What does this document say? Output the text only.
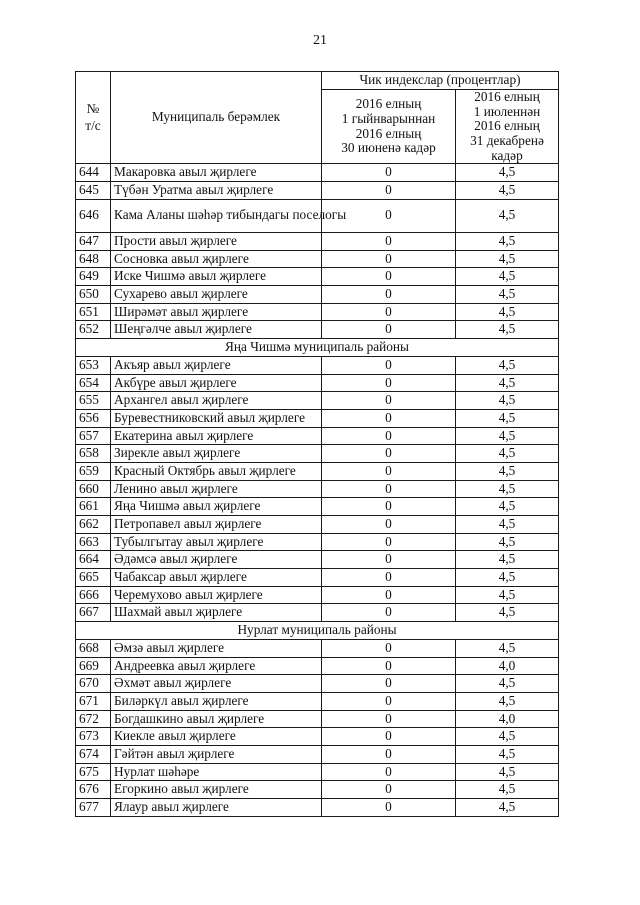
21
№ т/с	Муниципаль берәмлек	Чик индекслар (процентлар)	

		2016 елның
1 гыйнварыннан
2016 елның
30 июненә кадәр	2016 елның
1 июленнән
2016 елның
31 декабренә
кадәр

644	Макаровка авыл җирлеге	0	4,5
645	Түбән Уратма авыл җирлеге	0	4,5
646	Кама Аланы шәһәр тибындагы поселогы	0	4,5
647	Прости авыл җирлеге	0	4,5
648	Сосновка авыл җирлеге	0	4,5
649	Иске Чишмә авыл җирлеге	0	4,5
650	Сухарево авыл җирлеге	0	4,5
651	Ширәмәт авыл җирлеге	0	4,5
652	Шеңгәлче авыл җирлеге	0	4,5
Яңа Чишмә муниципаль районы			
653	Акъяр авыл җирлеге	0	4,5
654	Акбүре авыл җирлеге	0	4,5
655	Архангел авыл җирлеге	0	4,5
656	Буревестниковский авыл җирлеге	0	4,5
657	Екатерина авыл җирлеге	0	4,5
658	Зирекле авыл җирлеге	0	4,5
659	Красный Октябрь авыл җирлеге	0	4,5
660	Ленино авыл җирлеге	0	4,5
661	Яңа Чишмә авыл җирлеге	0	4,5
662	Петропавел авыл җирлеге	0	4,5
663	Тубылгытау авыл җирлеге	0	4,5
664	Әдәмсә авыл җирлеге	0	4,5
665	Чабаксар авыл җирлеге	0	4,5
666	Черемухово авыл җирлеге	0	4,5
667	Шахмай авыл җирлеге	0	4,5
Нурлат муниципаль районы			
668	Әмзә авыл җирлеге	0	4,5
669	Андреевка авыл җирлеге	0	4,0
670	Әхмәт авыл җирлеге	0	4,5
671	Биләркүл авыл җирлеге	0	4,5
672	Богдашкино авыл җирлеге	0	4,0
673	Киекле авыл җирлеге	0	4,5
674	Гәйтән авыл җирлеге	0	4,5
675	Нурлат шәһәре	0	4,5
676	Егоркино авыл җирлеге	0	4,5
677	Ялаур авыл җирлеге	0	4,5
